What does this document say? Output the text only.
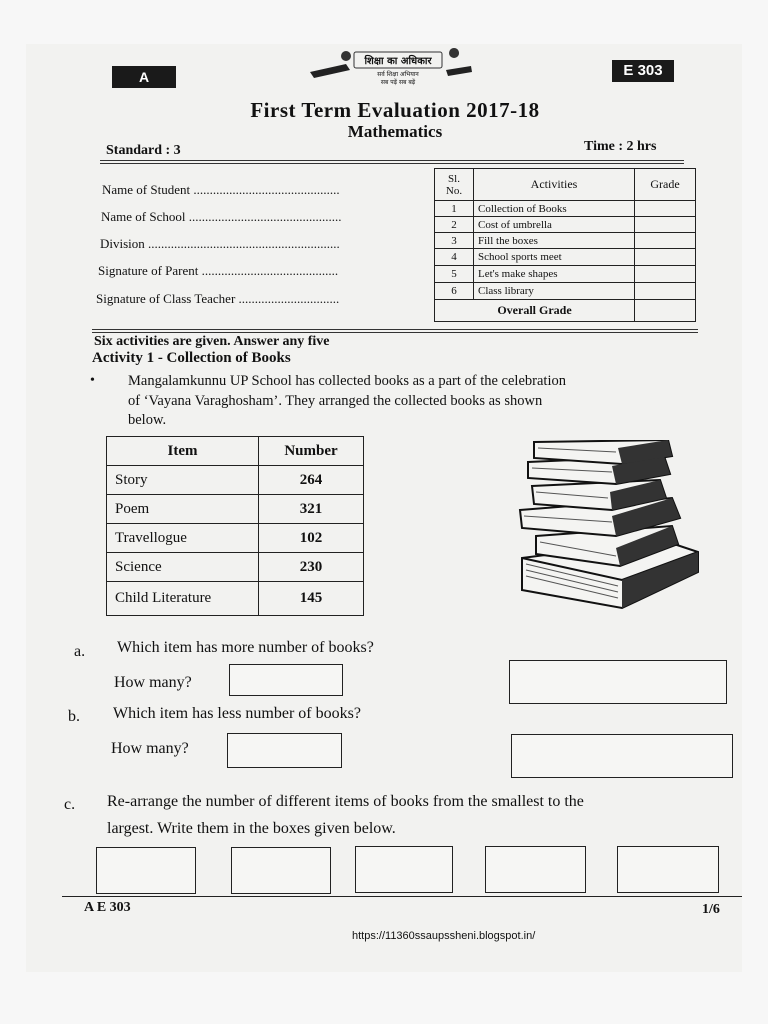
A
शिक्षा का अधिकार
सर्व शिक्षा अभियान
सब पढ़ें सब बढ़ें
E 303
First Term Evaluation 2017-18
Mathematics
Standard : 3	Time : 2 hrs
Name of Student .............................................
Name of School ...............................................
Division ...........................................................
Signature of Parent ..........................................
Signature of Class Teacher ...............................
Sl. No.	Activities	Grade
1	Collection of Books	
2	Cost of umbrella	
3	Fill the boxes	
4	School sports meet	
5	Let's make shapes	
6	Class library	
Overall Grade		
Six activities are given. Answer any five
Activity 1 - Collection of Books
• Mangalamkunnu UP School has collected books as a part of the celebration
of ‘Vayana Varaghosham’. They arranged the collected books as shown
below.
Item	Number
Story	264
Poem	321
Travellogue	102
Science	230
Child Literature	145
a. Which item has more number of books?
How many?
b. Which item has less number of books?
How many?
c. Re-arrange the number of different items of books from the smallest to the
largest. Write them in the boxes given below.
A E 303	1/6
https://11360ssaupssheni.blogspot.in/
